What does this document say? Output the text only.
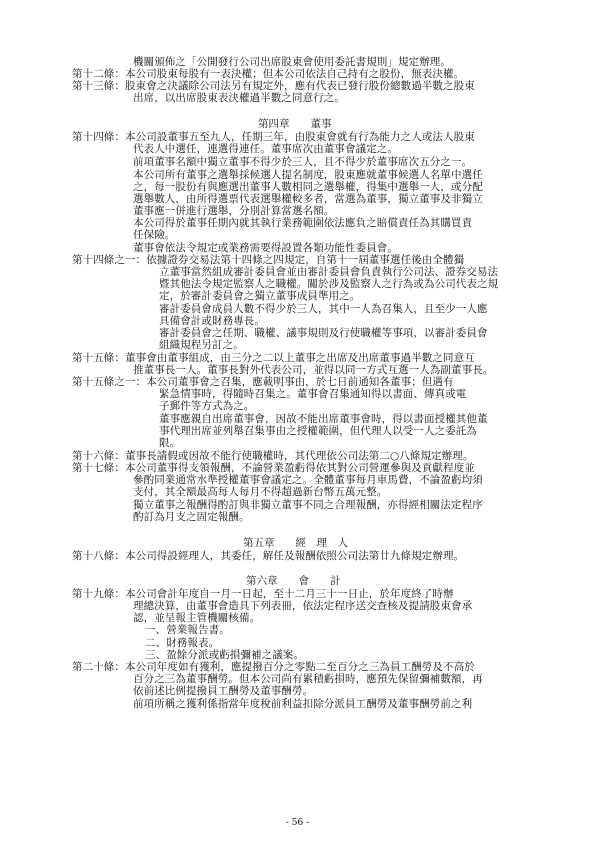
機關頒佈之「公開發行公司出席股東會使用委託書規則」規定辦理。
第十二條：本公司股東每股有一表決權；但本公司依法自己持有之股份，無表決權。
第十三條：股東會之決議除公司法另有規定外，應有代表已發行股份總數過半數之股東
出席，以出席股東表決權過半數之同意行之。
第十四條：本公司設董事五至九人，任期三年，由股東會就有行為能力之人或法人股東
代表人中選任，連選得連任。董事席次由董事會議定之。
前項董事名額中獨立董事不得少於三人，且不得少於董事席次五分之一。
本公司所有董事之選舉採候選人提名制度，股東應就董事候選人名單中選任
之，每一股份有與應選出董事人數相同之選舉權，得集中選舉一人，或分配
選舉數人，由所得選票代表選舉權較多者，當選為董事，獨立董事及非獨立
董事應一併進行選舉，分別計算當選名額。
本公司得於董事任期內就其執行業務範圍依法應負之賠償責任為其購買責
任保險。
董事會依法令規定或業務需要得設置各類功能性委員會。
第十四條之一：依據證券交易法第十四條之四規定，自第十一屆董事選任後由全體獨
立董事當然組成審計委員會並由審計委員會負責執行公司法、證券交易法
暨其他法令規定監察人之職權。關於涉及監察人之行為或為公司代表之規
定，於審計委員會之獨立董事成員準用之。
審計委員會成員人數不得少於三人，其中一人為召集人，且至少一人應
具備會計或財務專長。
審計委員會之任期、職權、議事規則及行使職權等事項，以審計委員會
組織規程另訂之。
第十五條：董事會由董事組成，由三分之二以上董事之出席及出席董事過半數之同意互
推董事長一人。董事長對外代表公司，並得以同一方式互選一人為副董事長。
第十五條之一：本公司董事會之召集，應載明事由，於七日前通知各董事；但遇有
緊急情事時，得隨時召集之。董事會召集通知得以書面、傳真或電
子郵件等方式為之。
董事應親自出席董事會，因故不能出席董事會時，得以書面授權其他董
事代理出席並列舉召集事由之授權範圍，但代理人以受一人之委託為
限。
第十六條：董事長請假或因故不能行使職權時，其代理依公司法第二○八條規定辦理。
第十七條：本公司董事得支領報酬，不論營業盈虧得依其對公司營運參與及貢獻程度並
參酌同業通常水準授權董事會議定之。全體董事每月車馬費，不論盈虧均須
支付，其全額最高每人每月不得超過新台幣五萬元整。
獨立董事之報酬得酌訂與非獨立董事不同之合理報酬，亦得經相關法定程序
酌訂為月支之固定報酬。
第十八條：本公司得設經理人，其委任，解任及報酬依照公司法第廿九條規定辦理。
第十九條：本公司會計年度自一月一日起，至十二月三十一日止，於年度終了時辦
理總決算，由董事會造具下列表冊，依法定程序送交查核及提請股東會承
認，並呈報主管機關核備。
一、營業報告書。
二、財務報表。
三、盈餘分派或虧損彌補之議案。
第二十條：本公司年度如有獲利，應提撥百分之零點二至百分之三為員工酬勞及不高於
百分之三為董事酬勞。但本公司尚有累積虧損時，應預先保留彌補數額，再
依前述比例提撥員工酬勞及董事酬勞。
前項所稱之獲利係指當年度稅前利益扣除分派員工酬勞及董事酬勞前之利
第四章　　董事
第五章　　經　理　人
第六章　　會　　計
- 56 -
